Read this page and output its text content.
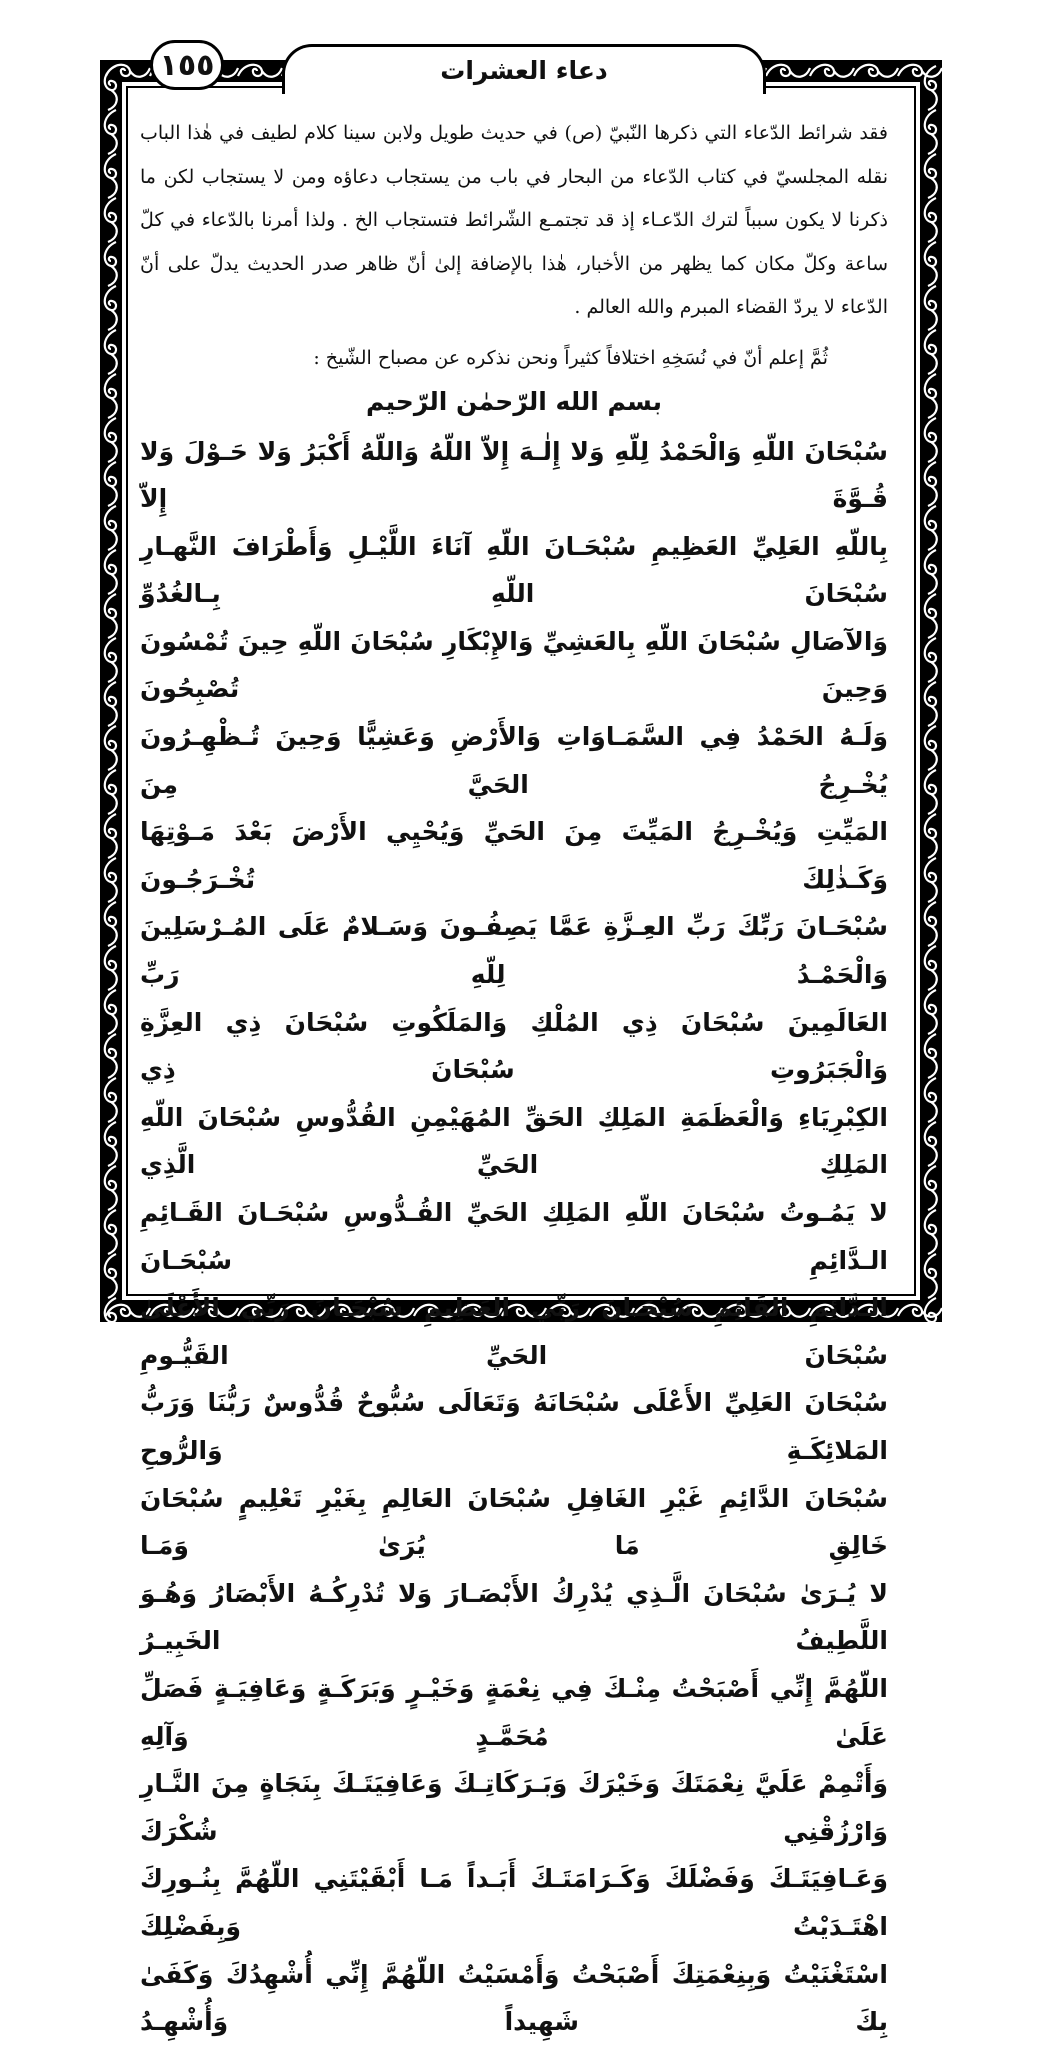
١٥٥	دعاء العشرات

فقد شرائط الدّعاء التي ذكرها النّبيّ (ص) في حديث طويل ولابن سينا كلام لطيف في هٰذا الباب نقله المجلسيّ في كتاب الدّعاء من البحار في باب من يستجاب دعاؤه ومن لا يستجاب لكن ما ذكرنا لا يكون سبباً لترك الدّعـاء إذ قد تجتمـع الشّرائط فتستجاب الخ . ولذا أمرنا بالدّعاء في كلّ ساعة وكلّ مكان كما يظهر من الأخبار، هٰذا بالإضافة إلىٰ أنّ ظاهر صدر الحديث يدلّ على أنّ الدّعاء لا يردّ القضاء المبرم والله العالم .

ثُمَّ إعلم أنّ في نُسَخِهِ اختلافاً كثيراً ونحن نذكره عن مصباح الشّيخ :

بسم الله الرّحمٰن الرّحيم

سُبْحَانَ اللّهِ وَالْحَمْدُ لِلّهِ وَلا إِلٰـهَ إِلاّ اللّهُ وَاللّهُ أَكْبَرُ وَلا حَـوْلَ وَلا قُـوَّةَ إِلاّ

بِاللّهِ العَلِيِّ العَظِيمِ سُبْحَـانَ اللّهِ آنَاءَ اللَّيْـلِ وَأَطْرَافَ النَّهـارِ سُبْحَانَ اللّهِ بِـالغُدُوِّ

وَالآصَالِ سُبْحَانَ اللّهِ بِالعَشِيِّ وَالإِبْكَارِ سُبْحَانَ اللّهِ حِينَ تُمْسُونَ وَحِينَ تُصْبِحُونَ

وَلَـهُ الحَمْدُ فِي السَّمَـاوَاتِ وَالأَرْضِ وَعَشِيًّا وَحِينَ تُـظْهِـرُونَ يُخْـرِجُ الحَيَّ مِنَ

المَيِّتِ وَيُخْـرِجُ المَيِّتَ مِنَ الحَيِّ وَيُحْيِي الأَرْضَ بَعْدَ مَـوْتِهَا وَكَـذٰلِكَ تُخْـرَجُـونَ

سُبْحَـانَ رَبِّكَ رَبِّ العِـزَّةِ عَمَّا يَصِفُـونَ وَسَـلامٌ عَلَى المُـرْسَلِينَ وَالْحَمْـدُ لِلّهِ رَبِّ

العَالَمِينَ سُبْحَانَ ذِي المُلْكِ وَالمَلَكُوتِ سُبْحَانَ ذِي العِزَّةِ وَالْجَبَرُوتِ سُبْحَانَ ذِي

الكِبْرِيَاءِ وَالْعَظَمَةِ المَلِكِ الحَقِّ المُهَيْمِنِ القُدُّوسِ سُبْحَانَ اللّهِ المَلِكِ الحَيِّ الَّذِي

لا يَمُـوتُ سُبْحَانَ اللّهِ المَلِكِ الحَيِّ القُـدُّوسِ سُبْحَـانَ القَـائِمِ الـدَّائِمِ سُبْحَـانَ

الـدَّائِمِ القَائِمِ سُبْحَـانَ رَبِّي العَظِيمِ سُبْحَـانَ رَبِّي الأَعْلَىٰ سُبْحَانَ الحَيِّ القَيُّـومِ

سُبْحَانَ العَلِيِّ الأَعْلَى سُبْحَانَهُ وَتَعَالَى سُبُّوحٌ قُدُّوسٌ رَبُّنَا وَرَبُّ المَلائِكَـةِ وَالرُّوحِ

سُبْحَانَ الدَّائِمِ غَيْرِ الغَافِلِ سُبْحَانَ العَالِمِ بِغَيْرِ تَعْلِيمٍ سُبْحَانَ خَالِقِ مَا يُرَىٰ وَمَـا

لا يُـرَىٰ سُبْحَانَ الَّـذِي يُدْرِكُ الأَبْصَـارَ وَلا تُدْرِكُـهُ الأَبْصَارُ وَهُـوَ اللَّطِيفُ الخَبِيـرُ

اللّهُمَّ إِنِّي أَصْبَحْتُ مِنْـكَ فِي نِعْمَةٍ وَخَيْـرٍ وَبَرَكَـةٍ وَعَافِيَـةٍ فَصَلِّ عَلَىٰ مُحَمَّـدٍ وَآلِهِ

وَأَتْمِمْ عَلَيَّ نِعْمَتَكَ وَخَيْرَكَ وَبَـرَكَاتِـكَ وَعَافِيَتَـكَ بِنَجَاةٍ مِنَ النَّـارِ وَارْزُقْنِي شُكْرَكَ

وَعَـافِيَتَـكَ وَفَضْلَكَ وَكَـرَامَتَـكَ أَبَـداً مَـا أَبْقَيْتَنِي اللّهُمَّ بِنُـورِكَ اهْتَـدَيْتُ وَبِفَضْلِكَ

اسْتَغْنَيْتُ وَبِنِعْمَتِكَ أَصْبَحْتُ وَأَمْسَيْتُ اللّهُمَّ إِنِّي أُشْهِدُكَ وَكَفَىٰ بِكَ شَهِيداً وَأُشْهِـدُ
